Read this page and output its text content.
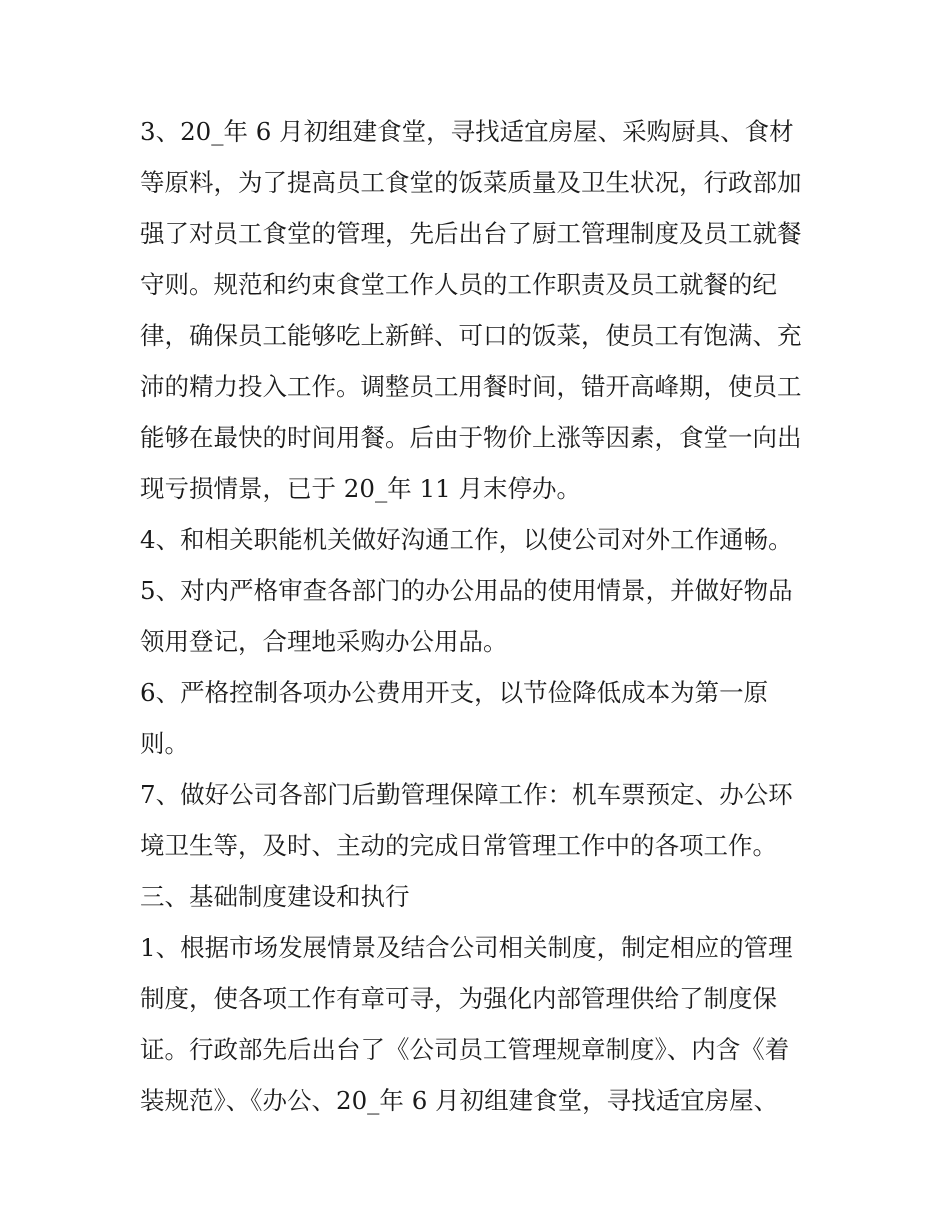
3、20_年 6 月初组建食堂，寻找适宜房屋、采购厨具、食材
等原料，为了提高员工食堂的饭菜质量及卫生状况，行政部加
强了对员工食堂的管理，先后出台了厨工管理制度及员工就餐
守则。规范和约束食堂工作人员的工作职责及员工就餐的纪
律，确保员工能够吃上新鲜、可口的饭菜，使员工有饱满、充
沛的精力投入工作。调整员工用餐时间，错开高峰期，使员工
能够在最快的时间用餐。后由于物价上涨等因素，食堂一向出
现亏损情景，已于 20_年 11 月末停办。
4、和相关职能机关做好沟通工作，以使公司对外工作通畅。
5、对内严格审查各部门的办公用品的使用情景，并做好物品
领用登记，合理地采购办公用品。
6、严格控制各项办公费用开支，以节俭降低成本为第一原
则。
7、做好公司各部门后勤管理保障工作：机车票预定、办公环
境卫生等，及时、主动的完成日常管理工作中的各项工作。
三、基础制度建设和执行
1、根据市场发展情景及结合公司相关制度，制定相应的管理
制度，使各项工作有章可寻，为强化内部管理供给了制度保
证。行政部先后出台了《公司员工管理规章制度》、内含《着
装规范》、《办公、20_年 6 月初组建食堂，寻找适宜房屋、
